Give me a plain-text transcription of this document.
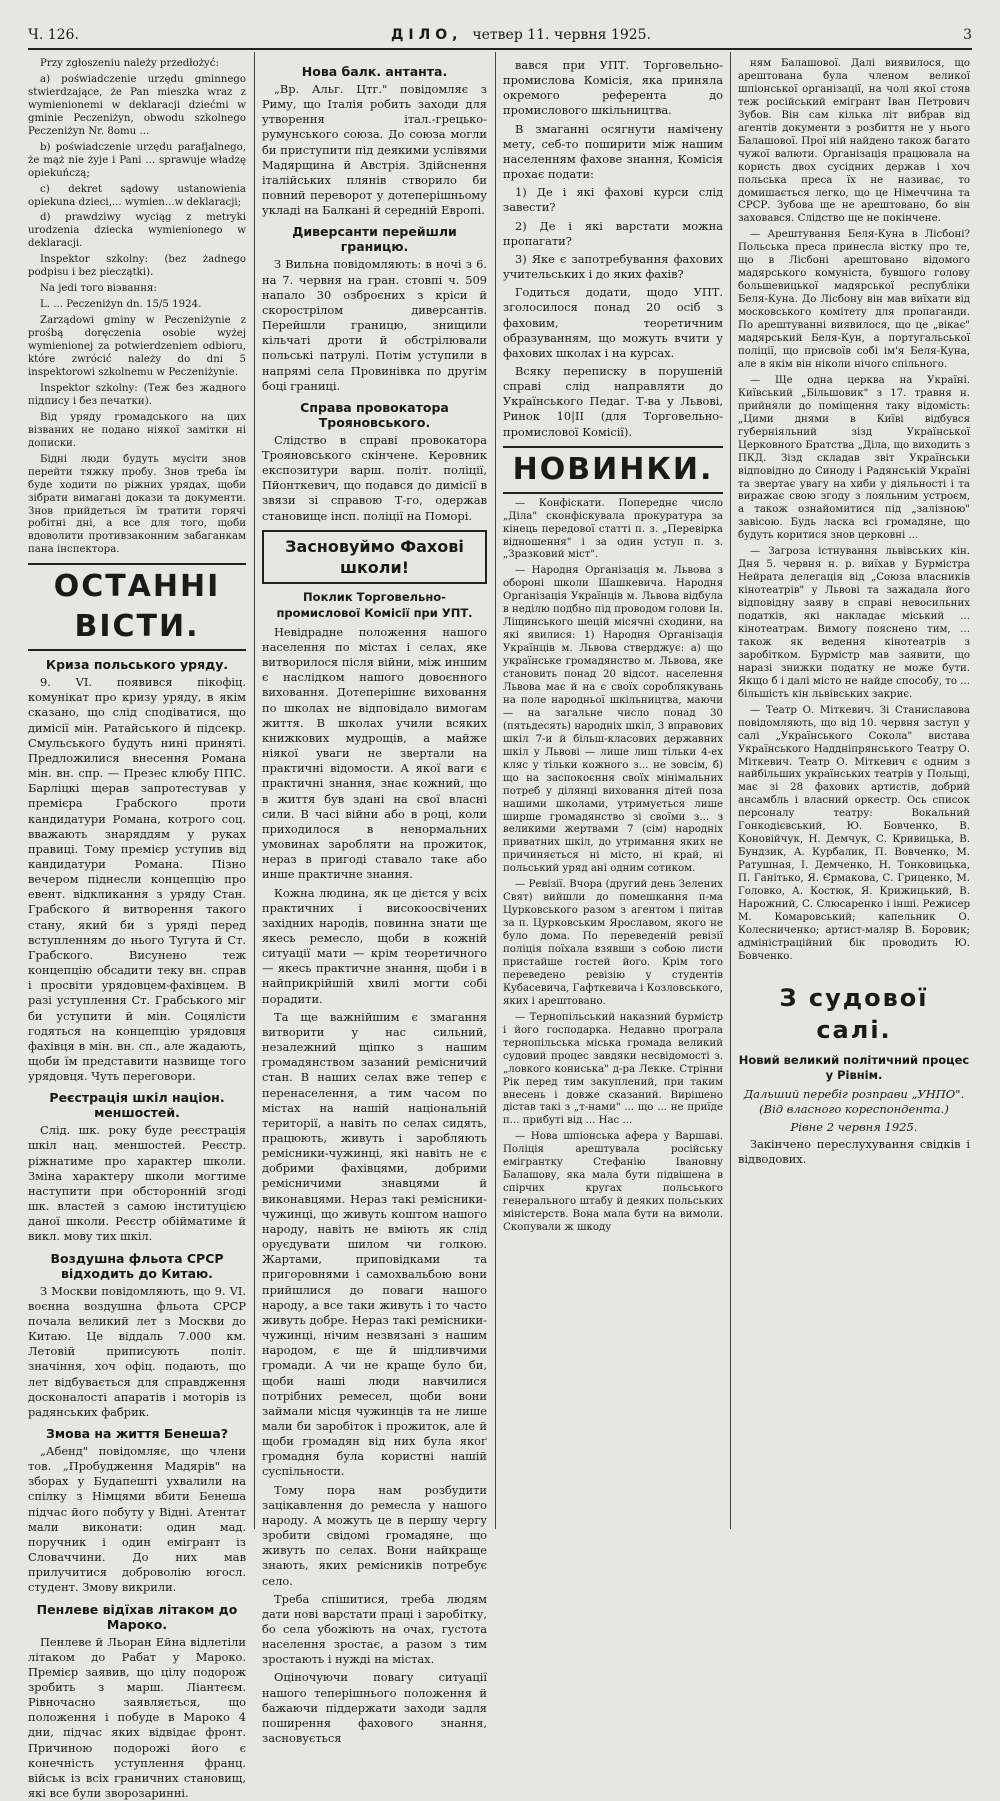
Ч. 126.	ДІЛО, четвер 11. червня 1925.	3

Przy zgłoszeniu należy przedłożyć:

a) poświadczenie urzędu gminnego stwierdzające, że Pan mieszka wraz z wymienionemi w deklaracji dziećmi w gminie Peczeniżyn, obwodu szkolnego Peczeniżyn Nr. 8omu ...

b) poświadczenie urzędu parafjalnego, że mąż nie żyje i Pani ... sprawuje władzę opiekuńczą;

c) dekret sądowy ustanowienia opiekuna dzieci,... wymien...w deklaracji;

d) prawdziwy wyciąg z metryki urodzenia dziecka wymienionego w deklaracji.

Inspektor szkolny: (bez żadnego podpisu i bez pieczątki).

Na jedi того віэвання:

L. ... Peczeniżyn dn. 15/5 1924.

Zarządowi gminy w Peczeniżynie z prośbą doręczenia osobie wyżej wymienionej za potwierdzeniem odbioru, które zwrócić należy do dni 5 inspektorowi szkolnemu w Peczeniżynie.

Inspektor szkolny: (Теж без жадного підпису і без печатки).

Від уряду громадського на цих візваних не подано ніякої замітки ні дописки.

Бідні люди будуть мусіти знов перейти тяжку пробу. Знов треба їм буде ходити по ріжних урядах, щоби зібрати вимагані докази та документи. Знов прийдеться їм тратити горячі робітні дні, а все для того, щоби вдоволити противзаконним забаганкам пана інспектора.

ОСТАННІ ВІСТИ.
Криза польського уряду.

9. VI. появився пікофіц. комунікат про кризу уряду, в якім сказано, що слід сподіватися, що димісії мін. Ратайського й підсекр. Смульського будуть нині приняті. Предложилися внесення Романа мін. вн. спр. — Презес клюбу ППС. Барліцкі щерав запротестував у премієра Грабского проти кандидатури Романа, котрого соц. вважають знаряддям у руках правиці. Тому премієр уступив від кандидатури Романа. Пізно вечером піднесли концепцію про евент. відкликання з уряду Стан. Грабского й витворення такого стану, який би з уряді перед вступленням до нього Тугута й Ст. Грабского. Висунено теж концепцію обсадити теку вн. справ і просвіти урядовцем-фахівцем. В разі уступлення Ст. Грабського міг би уступити й мін. Соцялісти годяться на концепцію урядовця фахівця в мін. вн. сп., але жадають, щоби їм представити назвище того урядовця. Чуть переговори.

Реєстрація шкіл націон. меншостей.

Слід. шк. року буде реєстрація шкіл нац. меншостей. Реєстр. ріжнатиме про характер школи. Зміна характеру школи могтиме наступити при обсторонній згоді шк. властей з самою інституцією даної школи. Реєстр обійматиме й викл. мову тих шкіл.

Воздушна фльота СРСР відходить до Китаю.

З Москви повідомляють, що 9. VI. воєнна воздушна фльота СРСР почала великий лет з Москви до Китаю. Це віддаль 7.000 км. Летовій приписують політ. значіння, хоч офіц. подають, що лет відбувається для справдження досконалості апаратів і моторів із радянських фабрик.

Змова на життя Бенеша?

„Абенд" повідомляє, що члени тов. „Пробудження Мадярів" на зборах у Будапешті ухвалили на спілку з Німцями вбити Бенеша підчас його побуту у Відні. Атентат мали виконати: один мад. поручник і один емігрант із Словаччини. До них мав прилучитися доброволію югосл. студент. Змову викрили.

Пенлеве відїхав літаком до Мароко.

Пенлеве й Льоран Ейна відлетіли літаком до Рабат у Мароко. Премієр заявив, що цілу подорож зробить з марш. Ліантеєм. Рівночасно заявляється, що положення і побуде в Мароко 4 дни, підчас яких відвідає фронт. Причиною подорожі його є конечність уступлення франц. військ із всіх граничних становищ, які все були зворозаринні.

Нова балк. антанта.

„Вр. Альг. Цтг." повідомляє з Риму, що Італія робить заходи для утворення італ.-грецько-румунського союза. До союза могли би приступити під деякими услівями Мадярщина й Австрія. Здійснення італійських плянів створило би повний переворот у дотеперішньому укладі на Балкані й середній Европі.

Диверсанти перейшли границю.

З Вильна повідомляють: в ночі з 6. на 7. червня на гран. стовпі ч. 509 напало 30 озброєних з кріси й скорострілом диверсантів. Перейшли границю, знищили кільчаті дроти й обстрілювали польські патрулі. Потім уступили в напрямі села Провинівка по другім боці границі.

Справа провокатора Трояновського.

Слідство в справі провокатора Трояновського скінчене. Керовник експозитури варш. політ. поліції, Пйонткевич, що подався до димісії в звязи зі справою Т-го, одержав становище інсп. поліції на Поморі.

Засновуймо Фахові школи!
Поклик Торговельно-промислової Комісії при УПТ.

Невідрадне положення нашого населення по містах і селах, яке витворилося після війни, між иншим є наслідком нашого довоєнного виховання. Дотеперішнє виховання по школах не відповідало вимогам життя. В школах учили всяких книжкових мудрощів, а майже ніякої уваги не звертали на практичні відомости. А якої ваги є практичні знання, знає кожний, що в життя був здані на свої власні сили. В часі війни або в році, коли приходилося в ненормальних умовинах заробляти на прожиток, нераз в пригоді ставало таке або инше практичне знання.

Кожна людина, як це дієтся у всіх практичних і високоосвічених західних народів, повинна знати ще якесь ремесло, щоби в кожній ситуації мати — крім теоретичного — якесь практичне знання, щоби і в найприкрійшій хвилі могти собі порадити.

Та ще важнійшим є змагання витворити у нас сильний, незалежний щіпко з нашим громадянством зазаний ремісничий стан. В наших селах вже тепер є перенаселення, а тим часом по містах на нашій національній території, а навіть по селах сидять, працюють, живуть і заробляють ремісники-чужинці, які навіть не є добрими фахівцями, добрими ремісничими знавцями й виконавцями. Нераз такі ремісники-чужинці, що живуть коштом нашого народу, навіть не вміють як слід оруєдувати шилом чи голкою. Жартами, приповідками та пригоровнями і самохвальбою вони прийшлися до поваги нашого народу, а все таки живуть і то часто живуть добре. Нераз такі ремісники-чужинці, нічим незвязані з нашим народом, є ще й шідливчими громади. А чи не краще було би, щоби наші люди навчилися потрібних ремесел, щоби вони займали місця чужинців та не лише мали би заробіток і прожиток, але й щоби громадян від них була якоґ громадня була користні нашій суспільности.

Тому пора нам розбудити зацікавлення до ремесла у нашого народу. А можуть це в першу чергу зробити свідомі громадяне, що живуть по селах. Вони найкраще знають, яких ремісників потребує село.

Треба спішитися, треба людям дати нові варстати праці і заробітку, бо села убожіють на очах, густота населення зростає, а разом з тим зростають і нужді на містах.

Оціночуючи повагу ситуації нашого теперішнього положення й бажаючи піддержати заходи задля поширення фахового знання, засновується

вався при УПТ. Торговельно-промислова Комісія, яка приняла окремого референта до промислового шкільництва.

В змаганні осягнути намічену мету, себ-то поширити між нашим населенням фахове знання, Комісія прохає подати:

1) Де і які фахові курси слід завести?

2) Де і які варстати можна пропагати?

3) Яке є запотребування фахових учительських і до яких фахів?

Годиться додати, щодо УПТ. зголосилося понад 20 осіб з фаховим, теоретичним образуванням, що можуть вчити у фахових школах і на курсах.

Всяку переписку в порушеній справі слід направляти до Українського Педаг. Т-ва у Львові, Ринок 10|II (для Торговельно-промислової Комісії).

НОВИНКИ.

— Конфіскати. Попереднє число „Діла" сконфіскувала прокуратура за кінець передової статті п. з. „Перевірка відношення" і за один уступ п. з. „Зразковий міст".

— Народня Організація м. Львова з обороні школи Шашкевича. Народня Організація Українців м. Львова відбула в неділю подбно під проводом голови Ін. Ліщинського шецій місячні сходини, на які явилися: 1) Народня Організація Українців м. Львова стверджує: а) що українське громадянство м. Львова, яке становить понад 20 відсот. населення Львова має й на є своїх сороблякувань на поле народньої шкільництва, маючи — на загальне число понад 30 (пятьдесять) народніх шкіл, 3 вправових шкіл 7-и й більш-класових державних шкіл у Львові — лише лиш тільки 4-ех кляс у тільки кожного з... не зовсім, б) що на заспокоєння своїх мінімальних потреб у ділянці виховання дітей поза нашими школами, утримується лише ширше громадянство зі своїми з... з великими жертвами 7 (сім) народніх приватних шкіл, до утримання яких не причиняється ні місто, ні край, ні польський уряд ані одним сотиком.

— Ревізії. Вчора (другий день Зелених Свят) вийшли до помешкання п-ма Цурковського разом з агентом і пиітав за п. Цурковським Ярославом, якого не було дома. По переведеній ревізії поліція поїхала взявши з собою листи пристайше гостей його. Крім того переведено ревізію у студентів Кубасевича, Гафткевича і Козловського, яких і арештовано.

— Тернопільський наказний бурмістр і його господарка. Недавно програла тернопільська міська громада великий судовий процес завдяки несвідомості з. „ловкого кониська" д-ра Лекке. Стрінни Рік перед тим закуплений, при таким внесень і довже сказаний. Вирішено дістав такі з „т-нами" ... що ... не приїде п... прибуті від ... Нас ...

— Нова шпіонська афера у Варшаві. Поліція арештувала російську емігрантку Стефанію Івановну Балашову, яка мала бути підвішена в спірчих кругах польського генерального штабу й деяких польських міністерств. Вона мала бути на вимоли. Скопували ж шкоду

ням Балашової. Далі виявилося, що арештована була членом великої шпіонської організації, на чолі якої стояв теж російський емігрант Іван Петрович Зубов. Він сам кілька літ вибрав від агентів документи з розбиття не у нього Балашової. Прої ній найдено також багато чужої валюти. Організація працювала на користь двох сусідних держав і хоч польська преса їх не називає, то домишається легко, що це Німеччина та СРСР. Зубова ще не арештовано, бо він заховався. Слідство ще не покінчене.

— Арештування Беля-Куна в Лісбоні? Польська преса принесла вістку про те, що в Лісбоні арештовано відомого мадярського комуніста, бувшого голову большевицької мадярської республіки Беля-Куна. До Лісбону він мав виїхати від московського комітету для пропаганди. По арештуванні виявилося, що це „вікає" мадярський Беля-Кун, а португальської поліції, що присвоїв собі ім'я Беля-Куна, але в якім він ніколи нічого спільного.

— Ще одна церква на Україні. Київський „Більшовик" з 17. травня н. прийняли до поміщення таку відомість: „Цими днями в Київі відбувся губерніяльний зізд Української Церковного Братства „Діла, що виходить з ПКД. Зізд складав звіт Українськи відповідно до Синоду і Радянській Україні та звертає увагу на хиби у діяльності і та виражає свою згоду з лояльним устроєм, а також ознайомитися під „залізною" завісою. Будь ласка всі громадяне, що будуть коритися знов церковні ...

— Загроза істнування львівських кін. Дня 5. червня н. р. виїхав у Бурмістра Нейрата делегація від „Союза власників кінотеатрів" у Львові та зажадала його відповідну заяву в справі невосильних податків, які накладає міський ... кінотеатрам. Вимогу пояснено тим, ... також як ведення кінотеатрів з заробітком. Бурмістр мав заявити, що наразі знижки податку не може бути. Якщо б і далі місто не найде способу, то ... більшість кін львівських закриє.

— Театр О. Міткевич. Зі Станиславова повідомляють, що від 10. червня заступ у салі „Українського Сокола" вистава Українського Наддніпрянського Театру О. Міткевич. Театр О. Міткевич є одним з найбільших українських театрів у Польщі, має зі 28 фахових артистів, добрий ансамбль і власний оркестр. Ось список персоналу театру: Вокальний Гонкодієвський, Ю. Бовченко, В. Коновійчук, Н. Демчук, С. Кривицька, В. Бундзик, А. Курбалик, П. Вовченко, М. Ратушная, І. Демченко, Н. Тонковицька, П. Ганітько, Я. Єрмакова, С. Гриценко, М. Головко, А. Костюк, Я. Крижицький, В. Нарожний, С. Слюсаренко і інші. Режисер М. Комаровський; капельник О. Колесниченко; артист-маляр В. Боровик; адміністраційний бік проводить Ю. Бовченко.

З судової салі.
Новий великий політичний процес у Рівнім.
Дальший перебіг розправи „УНПО". (Від власного кореспондента.)
Рівне 2 червня 1925.

Закінчено переслухування свідків і відводових.
